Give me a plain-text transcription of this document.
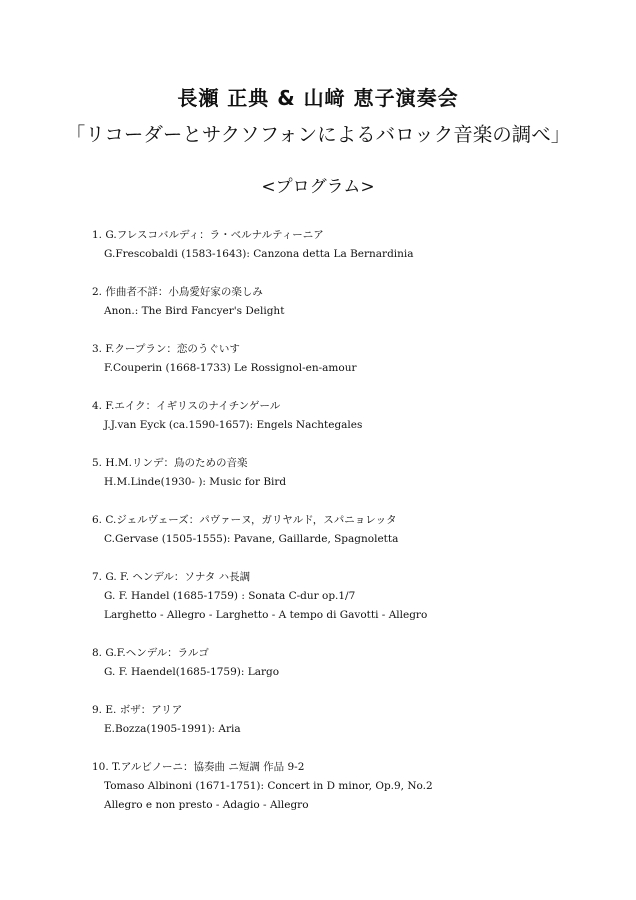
長瀬 正典 & 山﨑 恵子演奏会
「リコーダーとサクソフォンによるバロック音楽の調べ」
<プログラム>
1. G.フレスコバルディ：ラ・ベルナルティーニア
G.Frescobaldi (1583-1643): Canzona detta La Bernardinia
2. 作曲者不詳：小鳥愛好家の楽しみ
Anon.: The Bird Fancyer's Delight
3. F.クープラン：恋のうぐいす
F.Couperin (1668-1733) Le Rossignol-en-amour
4. F.エイク：イギリスのナイチンゲール
J.J.van Eyck (ca.1590-1657): Engels Nachtegales
5. H.M.リンデ：鳥のための音楽
H.M.Linde(1930- ): Music for Bird
6. C.ジェルヴェーズ：パヴァーヌ，ガリヤルド，スパニョレッタ
C.Gervase (1505-1555): Pavane, Gaillarde, Spagnoletta
7. G. F. ヘンデル：ソナタ ハ長調
G. F. Handel (1685-1759) : Sonata C-dur op.1/7
Larghetto - Allegro - Larghetto - A tempo di Gavotti - Allegro
8. G.F.ヘンデル：ラルゴ
G. F. Haendel(1685-1759): Largo
9. E. ボザ：アリア
E.Bozza(1905-1991): Aria
10. T.アルビノーニ：協奏曲 ニ短調 作品 9-2
Tomaso Albinoni (1671-1751): Concert in D minor, Op.9, No.2
Allegro e non presto - Adagio - Allegro
